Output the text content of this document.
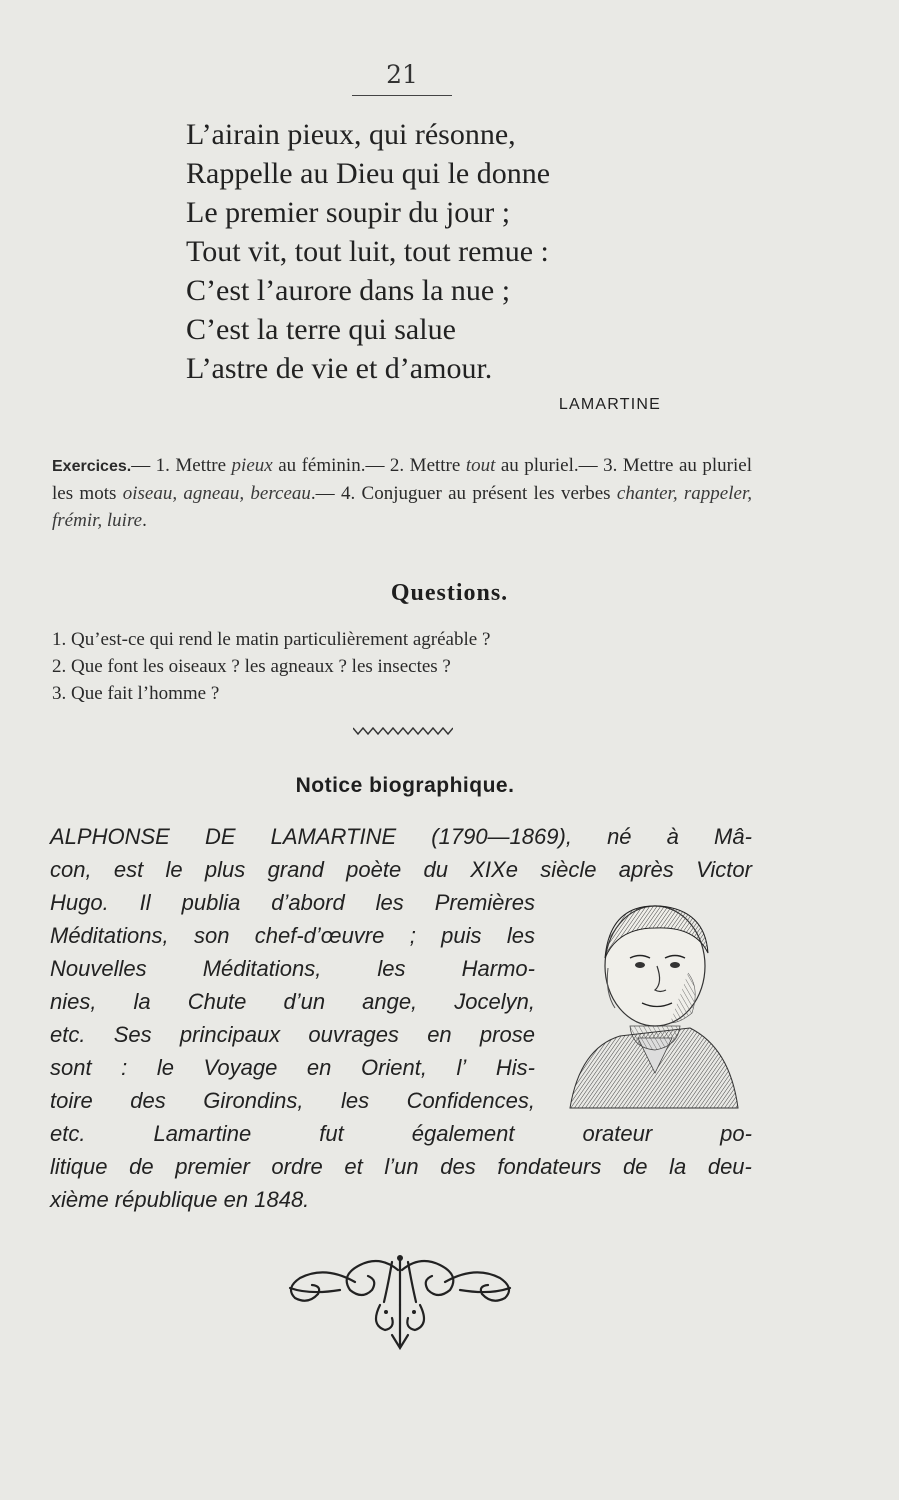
21
L’airain pieux, qui résonne,
Rappelle au Dieu qui le donne
Le premier soupir du jour ;
Tout vit, tout luit, tout remue :
C’est l’aurore dans la nue ;
C’est la terre qui salue
L’astre de vie et d’amour.
LAMARTINE
Exercices.— 1. Mettre pieux au féminin.— 2. Mettre tout au pluriel.— 3. Mettre au pluriel les mots oiseau, agneau, berceau.— 4. Conjuguer au présent les verbes chanter, rappeler, frémir, luire.
Questions.
1. Qu’est-ce qui rend le matin particulièrement agréable ?
2. Que font les oiseaux ? les agneaux ? les insectes ?
3. Que fait l’homme ?
Notice biographique.
ALPHONSE DE LAMARTINE (1790—1869), né à Mâ-
con, est le plus grand poète du XIXe siècle après Victor
Hugo. Il publia d’abord les Premières
Méditations, son chef-d’œuvre ; puis les
Nouvelles	Méditations,	les	Harmo-
nies, la Chute d’un ange, Jocelyn,
etc. Ses principaux ouvrages en prose
sont : le Voyage en Orient, l’ His-
toire des Girondins, les Confidences,
etc.	Lamartine	fut	également	orateur	po-
litique de premier ordre et l’un des fondateurs de la deu-
xième république en 1848.
